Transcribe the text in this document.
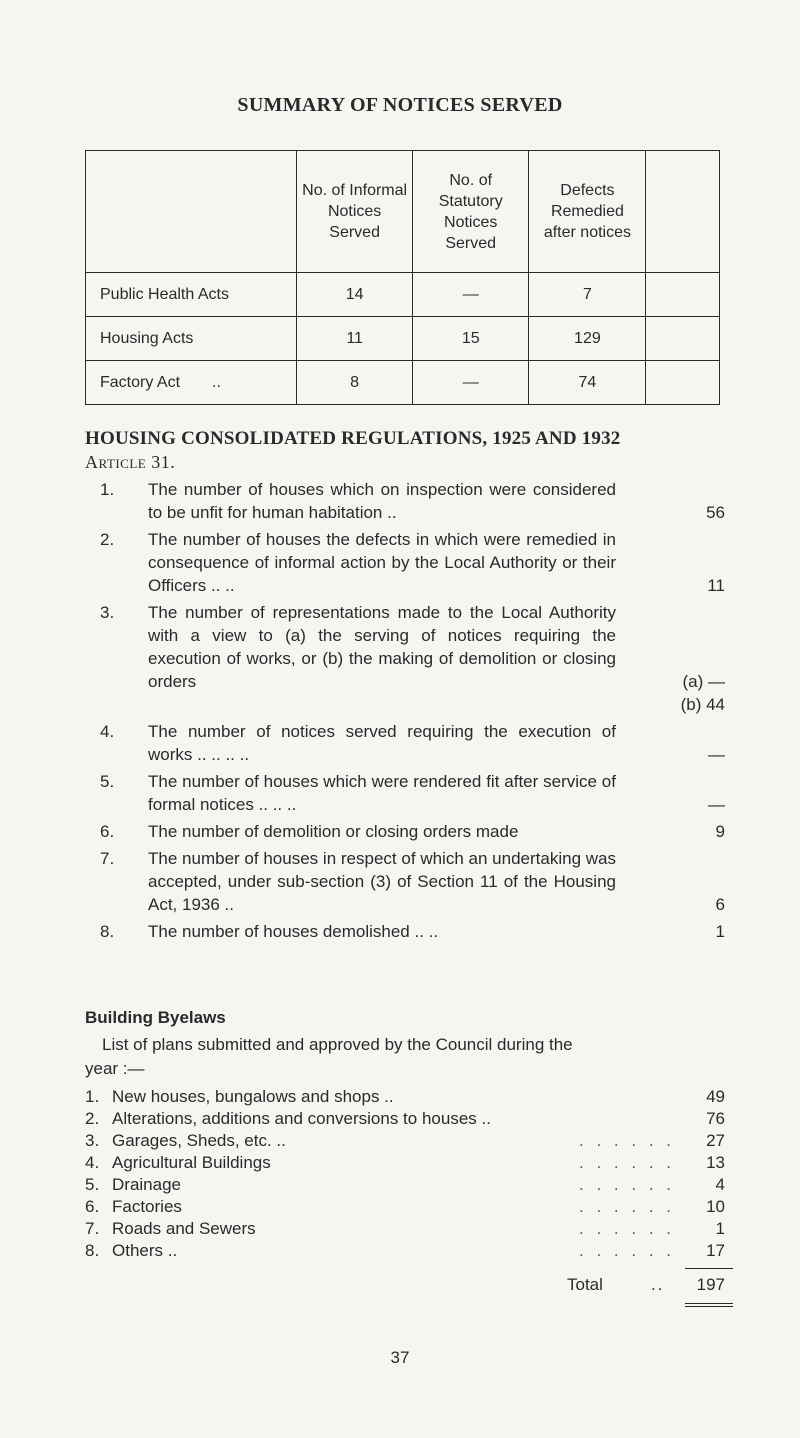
SUMMARY OF NOTICES SERVED
	No. of Informal Notices Served	No. of Statutory Notices Served	Defects Remedied after notices	
Public Health Acts	14	—	7	
Housing Acts	11	15	129	
Factory Act ..	8	—	74	
HOUSING CONSOLIDATED REGULATIONS, 1925 AND 1932
Article 31.
1. The number of houses which on inspection were considered to be unfit for human habitation ..	56
2. The number of houses the defects in which were remedied in consequence of informal action by the Local Authority or their Officers .. ..	11
3. The number of representations made to the Local Authority with a view to (a) the serving of notices requiring the execution of works, or (b) the making of demolition or closing orders	(a) —
(b) 44
4. The number of notices served requiring the execution of works .. .. .. ..	—
5. The number of houses which were rendered fit after service of formal notices .. .. ..	—
6. The number of demolition or closing orders made	9
7. The number of houses in respect of which an undertaking was accepted, under sub-section (3) of Section 11 of the Housing Act, 1936 ..	6
8. The number of houses demolished .. ..	1
Building Byelaws
List of plans submitted and approved by the Council during the
year :—
1. New houses, bungalows and shops ..	49
2. Alterations, additions and conversions to houses ..	76
3. Garages, Sheds, etc. ..	. . . . . . 27
4. Agricultural Buildings	. . . . . . 13
5. Drainage	. . . . . . 4
6. Factories	. . . . . . 10
7. Roads and Sewers	. . . . . . 1
8. Others ..	. . . . . . 17
Total	.. 197
37
